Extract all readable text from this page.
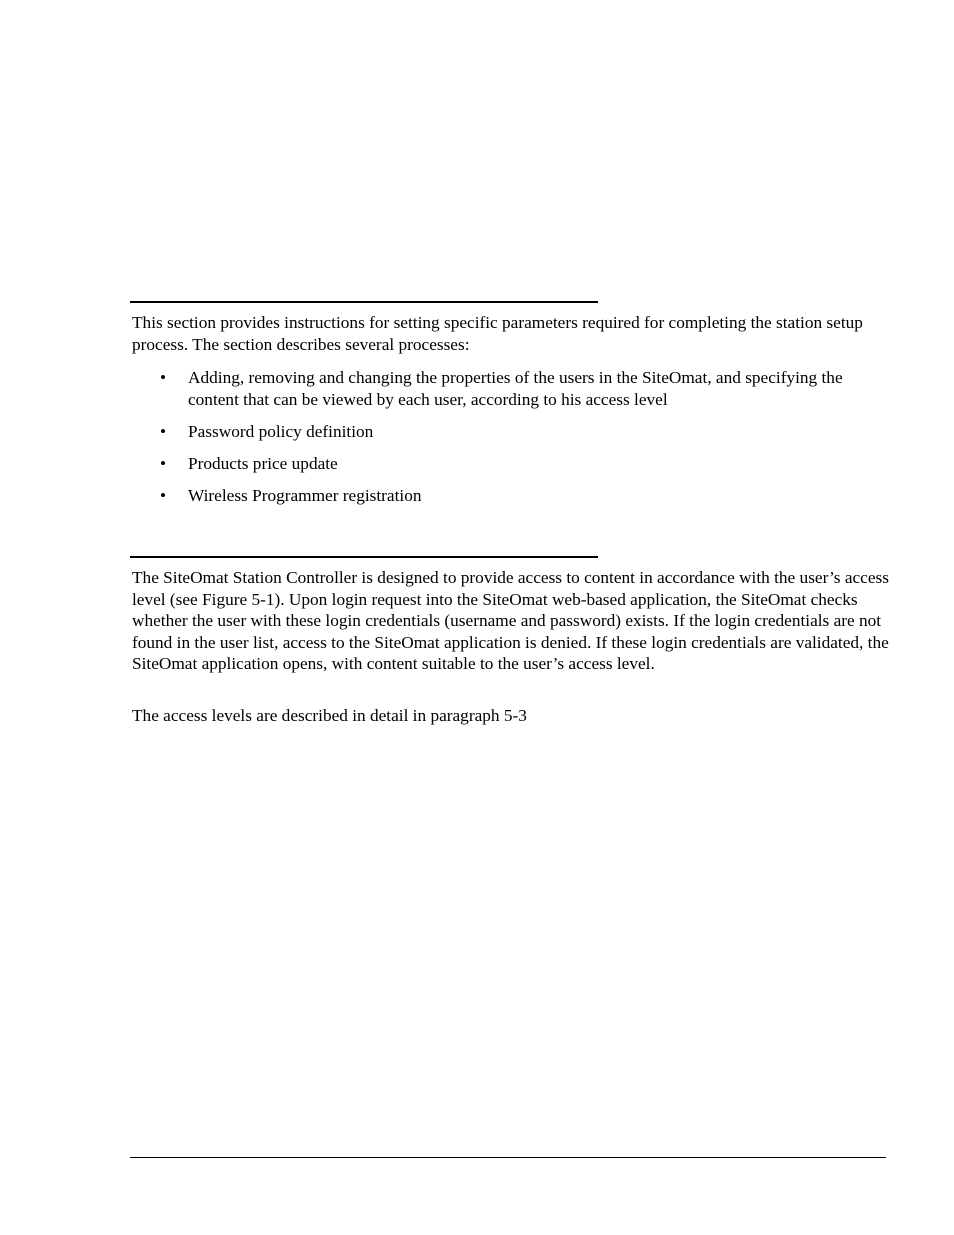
This section provides instructions for setting specific parameters required for completing the station setup process. The section describes several processes:

• Adding, removing and changing the properties of the users in the SiteOmat, and specifying the content that can be viewed by each user, according to his access level
• Password policy definition
• Products price update
• Wireless Programmer registration

The SiteOmat Station Controller is designed to provide access to content in accordance with the user’s access level (see Figure 5-1). Upon login request into the SiteOmat web-based application, the SiteOmat checks whether the user with these login credentials (username and password) exists. If the login credentials are not found in the user list, access to the SiteOmat application is denied. If these login credentials are validated, the SiteOmat application opens, with content suitable to the user’s access level.

The access levels are described in detail in paragraph 5-3
